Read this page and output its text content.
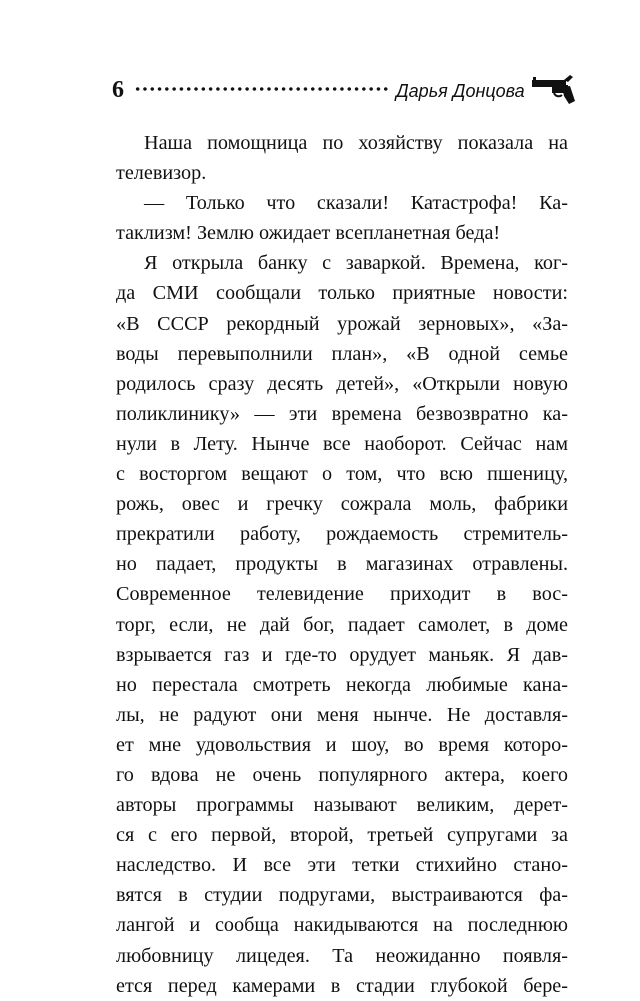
6	Дарья Донцова
Наша помощница по хозяйству показала на
телевизор.
— Только что сказали! Катастрофа! Ка-
таклизм! Землю ожидает всепланетная беда!
Я открыла банку с заваркой. Времена, ког-
да СМИ сообщали только приятные новости:
«В СССР рекордный урожай зерновых», «За-
воды перевыполнили план», «В одной семье
родилось сразу десять детей», «Открыли новую
поликлинику» — эти времена безвозвратно ка-
нули в Лету. Нынче все наоборот. Сейчас нам
с восторгом вещают о том, что всю пшеницу,
рожь, овес и гречку сожрала моль, фабрики
прекратили работу, рождаемость стремитель-
но падает, продукты в магазинах отравлены.
Современное телевидение приходит в вос-
торг, если, не дай бог, падает самолет, в доме
взрывается газ и где-то орудует маньяк. Я дав-
но перестала смотреть некогда любимые кана-
лы, не радуют они меня нынче. Не доставля-
ет мне удовольствия и шоу, во время которо-
го вдова не очень популярного актера, коего
авторы программы называют великим, дерет-
ся с его первой, второй, третьей супругами за
наследство. И все эти тетки стихийно стано-
вятся в студии подругами, выстраиваются фа-
лангой и сообща накидываются на последнюю
любовницу лицедея. Та неожиданно появля-
ется перед камерами в стадии глубокой бере-
